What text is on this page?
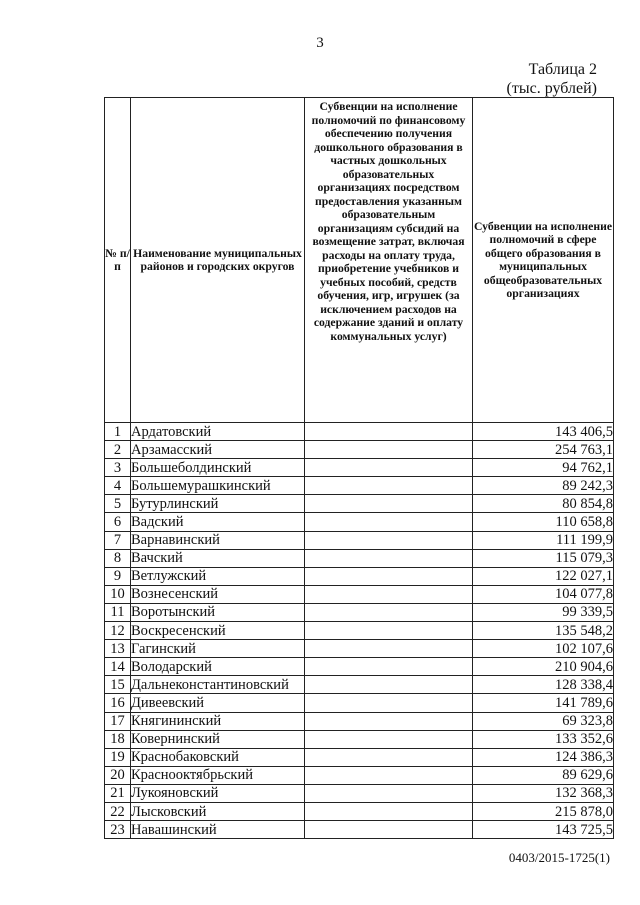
3
Таблица 2
(тыс. рублей)
№ п/п	Наименование муниципальных районов и городских округов	Субвенции на исполнение полномочий по финансовому обеспечению получения дошкольного образования в частных дошкольных образовательных организациях посредством предоставления указанным образовательным организациям субсидий на возмещение затрат, включая расходы на оплату труда, приобретение учебников и учебных пособий, средств обучения, игр, игрушек (за исключением расходов на содержание зданий и оплату коммунальных услуг)	Субвенции на исполнение полномочий в сфере общего образования в муниципальных общеобразовательных организациях
1	Ардатовский		143 406,5
2	Арзамасский		254 763,1
3	Большеболдинский		94 762,1
4	Большемурашкинский		89 242,3
5	Бутурлинский		80 854,8
6	Вадский		110 658,8
7	Варнавинский		111 199,9
8	Вачский		115 079,3
9	Ветлужский		122 027,1
10	Вознесенский		104 077,8
11	Воротынский		99 339,5
12	Воскресенский		135 548,2
13	Гагинский		102 107,6
14	Володарский		210 904,6
15	Дальнеконстантиновский		128 338,4
16	Дивеевский		141 789,6
17	Княгининский		69 323,8
18	Ковернинский		133 352,6
19	Краснобаковский		124 386,3
20	Краснооктябрьский		89 629,6
21	Лукояновский		132 368,3
22	Лысковский		215 878,0
23	Навашинский		143 725,5
0403/2015-1725(1)
